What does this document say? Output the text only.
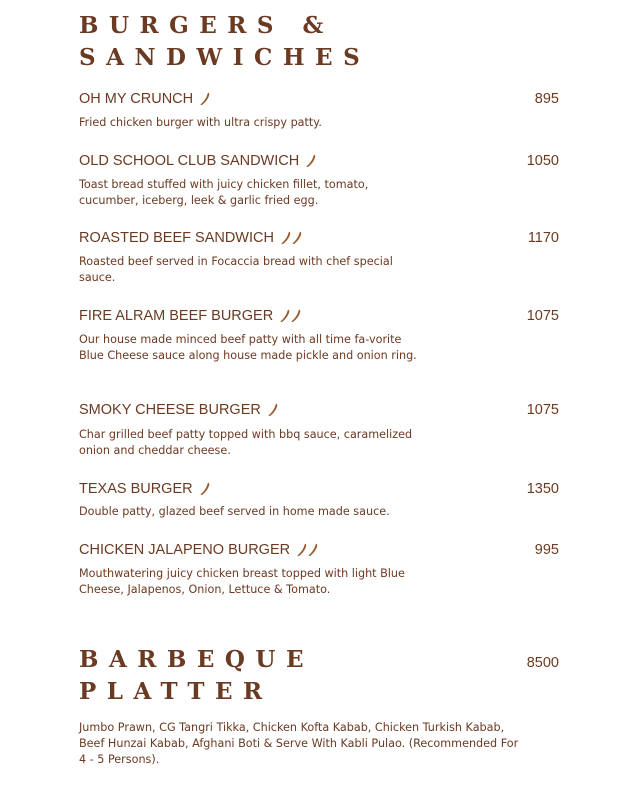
BURGERS & SANDWICHES
OH MY CRUNCH	895

Fried chicken burger with ultra crispy patty.

OLD SCHOOL CLUB SANDWICH	1050

Toast bread stuffed with juicy chicken fillet, tomato, cucumber, iceberg, leek & garlic fried egg.

ROASTED BEEF SANDWICH	1170

Roasted beef served in Focaccia bread with chef special sauce.

FIRE ALRAM BEEF BURGER	1075

Our house made minced beef patty with all time fa-vorite Blue Cheese sauce along house made pickle and onion ring.

SMOKY CHEESE BURGER	1075

Char grilled beef patty topped with bbq sauce, caramelized onion and cheddar cheese.

TEXAS BURGER	1350

Double patty, glazed beef served in home made sauce.

CHICKEN JALAPENO BURGER	995

Mouthwatering juicy chicken breast topped with light Blue Cheese, Jalapenos, Onion, Lettuce & Tomato.

BARBEQUE PLATTER
8500

Jumbo Prawn, CG Tangri Tikka, Chicken Kofta Kabab, Chicken Turkish Kabab, Beef Hunzai Kabab, Afghani Boti & Serve With Kabli Pulao. (Recommended For 4 - 5 Persons).
